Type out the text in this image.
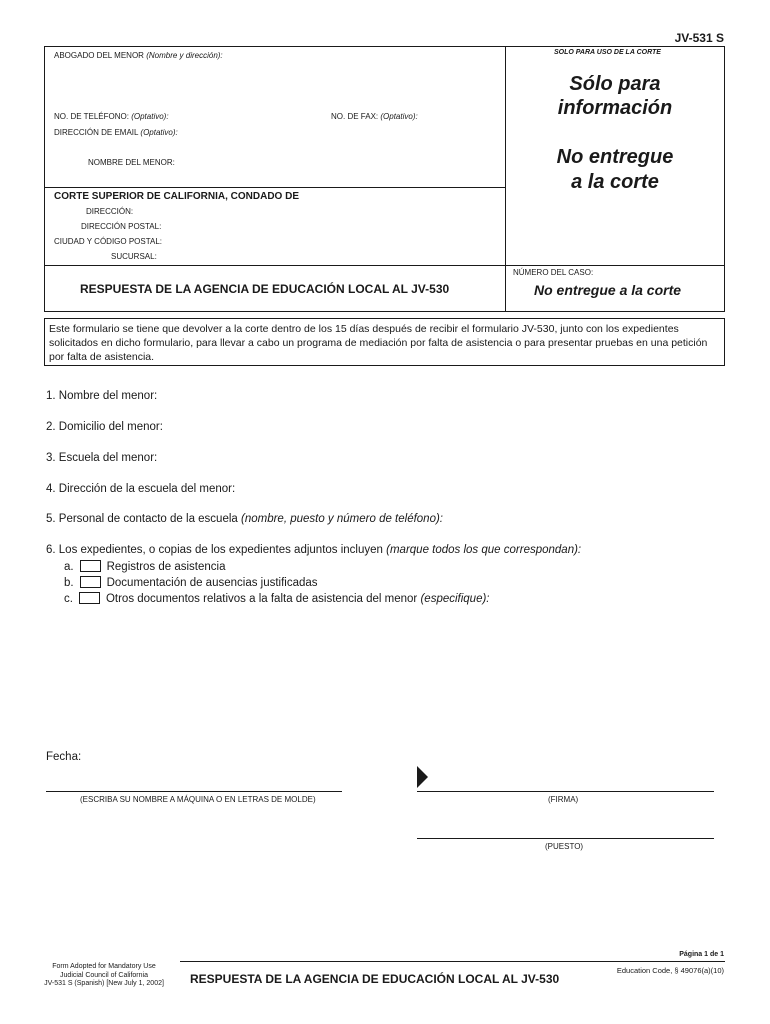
JV-531 S
ABOGADO DEL MENOR (Nombre y dirección):
NO. DE TELÉFONO: (Optativo):	NO. DE FAX: (Optativo):
DIRECCIÓN DE EMAIL (Optativo):
NOMBRE DEL MENOR:
SOLO PARA USO DE LA CORTE
Sólo para
información
No entregue
a la corte
CORTE SUPERIOR DE CALIFORNIA, CONDADO DE
DIRECCIÓN:
DIRECCIÓN POSTAL:
CIUDAD Y CÓDIGO POSTAL:
SUCURSAL:
RESPUESTA DE LA AGENCIA DE EDUCACIÓN LOCAL AL JV-530
NÚMERO DEL CASO:
No entregue a la corte
Este formulario se tiene que devolver a la corte dentro de los 15 días después de recibir el formulario JV-530, junto con los expedientes solicitados en dicho formulario, para llevar a cabo un programa de mediación por falta de asistencia o para presentar pruebas en una petición por falta de asistencia.
1. Nombre del menor:
2. Domicilio del menor:
3. Escuela del menor:
4. Dirección de la escuela del menor:
5. Personal de contacto de la escuela (nombre, puesto y número de teléfono):
6. Los expedientes, o copias de los expedientes adjuntos incluyen (marque todos los que correspondan):
a.	Registros de asistencia
b.	Documentación de ausencias justificadas
c.	Otros documentos relativos a la falta de asistencia del menor (especifique):
Fecha:
(ESCRIBA SU NOMBRE A MÁQUINA O EN LETRAS DE MOLDE)	(FIRMA)
(PUESTO)
Página 1 de 1
Form Adopted for Mandatory Use
Judicial Council of California
JV-531 S (Spanish) [New July 1, 2002]	RESPUESTA DE LA AGENCIA DE EDUCACIÓN LOCAL AL JV-530
Education Code, § 49076(a)(10)
